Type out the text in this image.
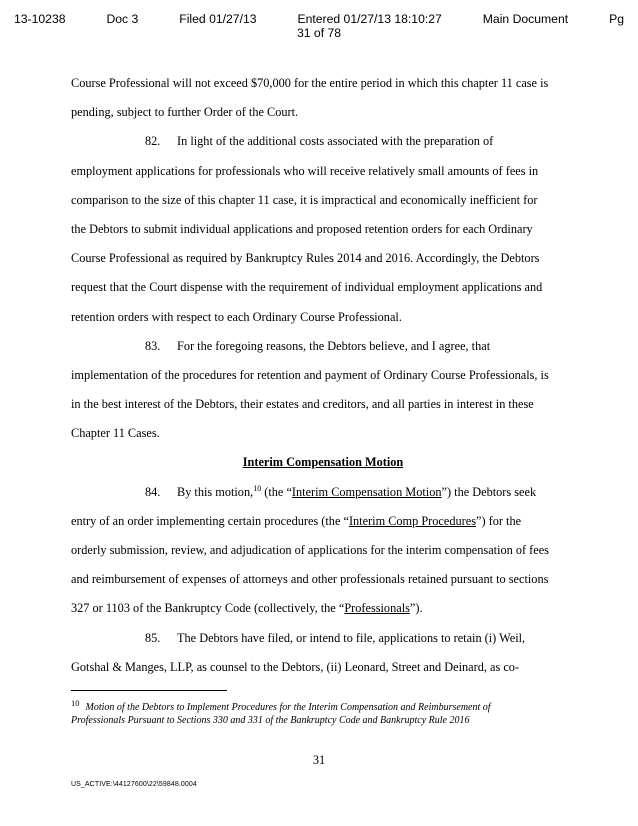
13-10238	Doc 3	Filed 01/27/13	Entered 01/27/13 18:10:27	Main Document	Pg
31 of 78
Course Professional will not exceed $70,000 for the entire period in which this chapter 11 case is
pending, subject to further Order of the Court.
82. In light of the additional costs associated with the preparation of
employment applications for professionals who will receive relatively small amounts of fees in
comparison to the size of this chapter 11 case, it is impractical and economically inefficient for
the Debtors to submit individual applications and proposed retention orders for each Ordinary
Course Professional as required by Bankruptcy Rules 2014 and 2016. Accordingly, the Debtors
request that the Court dispense with the requirement of individual employment applications and
retention orders with respect to each Ordinary Course Professional.
83. For the foregoing reasons, the Debtors believe, and I agree, that
implementation of the procedures for retention and payment of Ordinary Course Professionals, is
in the best interest of the Debtors, their estates and creditors, and all parties in interest in these
Chapter 11 Cases.
Interim Compensation Motion
84. By this motion,$^{10}$ (the “Interim Compensation Motion”) the Debtors seek
entry of an order implementing certain procedures (the “Interim Comp Procedures”) for the
orderly submission, review, and adjudication of applications for the interim compensation of fees
and reimbursement of expenses of attorneys and other professionals retained pursuant to sections
327 or 1103 of the Bankruptcy Code (collectively, the “Professionals”).
85. The Debtors have filed, or intend to file, applications to retain (i) Weil,
Gotshal & Manges, LLP, as counsel to the Debtors, (ii) Leonard, Street and Deinard, as co-
$^{10}$ Motion of the Debtors to Implement Procedures for the Interim Compensation and Reimbursement of
Professionals Pursuant to Sections 330 and 331 of the Bankruptcy Code and Bankruptcy Rule 2016
31
US_ACTIVE:\44127600\22\59848.0004
